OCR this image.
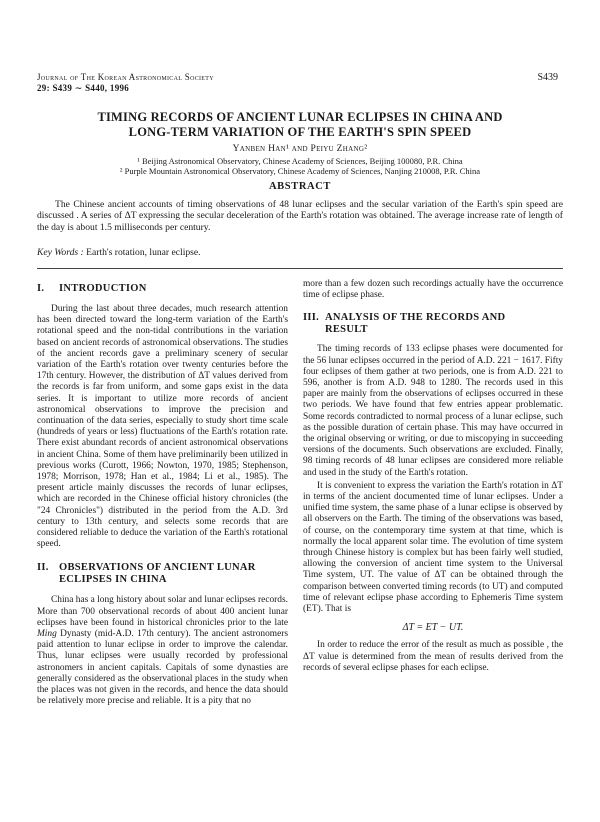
Journal of The Korean Astronomical Society
29: S439 ∼ S440, 1996
S439
TIMING RECORDS OF ANCIENT LUNAR ECLIPSES IN CHINA AND
LONG-TERM VARIATION OF THE EARTH'S SPIN SPEED
Yanben Han¹ and Peiyu Zhang²
¹ Beijing Astronomical Observatory, Chinese Academy of Sciences, Beijing 100080, P.R. China
² Purple Mountain Astronomical Observatory, Chinese Academy of Sciences, Nanjing 210008, P.R. China
ABSTRACT
The Chinese ancient accounts of timing observations of 48 lunar eclipses and the secular variation of the Earth's spin speed are discussed . A series of ΔT expressing the secular deceleration of the Earth's rotation was obtained. The average increase rate of length of the day is about 1.5 milliseconds per century.
Key Words : Earth's rotation, lunar eclipse.
I. INTRODUCTION

During the last about three decades, much research attention has been directed toward the long-term variation of the Earth's rotational speed and the non-tidal contributions in the variation based on ancient records of astronomical observations. The studies of the ancient records gave a preliminary scenery of secular variation of the Earth's rotation over twenty centuries before the 17th century. However, the distribution of ΔT values derived from the records is far from uniform, and some gaps exist in the data series. It is important to utilize more records of ancient astronomical observations to improve the precision and continuation of the data series, especially to study short time scale (hundreds of years or less) fluctuations of the Earth's rotation rate. There exist abundant records of ancient astronomical observations in ancient China. Some of them have preliminarily been utilized in previous works (Curott, 1966; Nowton, 1970, 1985; Stephenson, 1978; Morrison, 1978; Han et al., 1984; Li et al., 1985). The present article mainly discusses the records of lunar eclipses, which are recorded in the Chinese official history chronicles (the "24 Chronicles") distributed in the period from the A.D. 3rd century to 13th century, and selects some records that are considered reliable to deduce the variation of the Earth's rotational speed.

II. OBSERVATIONS OF ANCIENT LUNAR
ECLIPSES IN CHINA

China has a long history about solar and lunar eclipses records. More than 700 observational records of about 400 ancient lunar eclipses have been found in historical chronicles prior to the late Ming Dynasty (mid-A.D. 17th century). The ancient astronomers paid attention to lunar eclipse in order to improve the calendar. Thus, lunar eclipses were usually recorded by professional astronomers in ancient capitals. Capitals of some dynasties are generally considered as the observational places in the study when the places was not given in the records, and hence the data should be relatively more precise and reliable. It is a pity that no

more than a few dozen such recordings actually have the occurrence time of eclipse phase.

III. ANALYSIS OF THE RECORDS AND
RESULT

The timing records of 133 eclipse phases were documented for the 56 lunar eclipses occurred in the period of A.D. 221 − 1617. Fifty four eclipses of them gather at two periods, one is from A.D. 221 to 596, another is from A.D. 948 to 1280. The records used in this paper are mainly from the observations of eclipses occurred in these two periods. We have found that few entries appear problematic. Some records contradicted to normal process of a lunar eclipse, such as the possible duration of certain phase. This may have occurred in the original observing or writing, or due to miscopying in succeeding versions of the documents. Such observations are excluded. Finally, 98 timing records of 48 lunar eclipses are considered more reliable and used in the study of the Earth's rotation.

It is convenient to express the variation the Earth's rotation in ΔT in terms of the ancient documented time of lunar eclipses. Under a unified time system, the same phase of a lunar eclipse is observed by all observers on the Earth. The timing of the observations was based, of course, on the contemporary time system at that time, which is normally the local apparent solar time. The evolution of time system through Chinese history is complex but has been fairly well studied, allowing the conversion of ancient time system to the Universal Time system, UT. The value of ΔT can be obtained through the comparison between converted timing records (to UT) and computed time of relevant eclipse phase according to Ephemeris Time system (ET). That is

ΔT = ET − UT.

In order to reduce the error of the result as much as possible , the ΔT value is determined from the mean of results derived from the records of several eclipse phases for each eclipse.
